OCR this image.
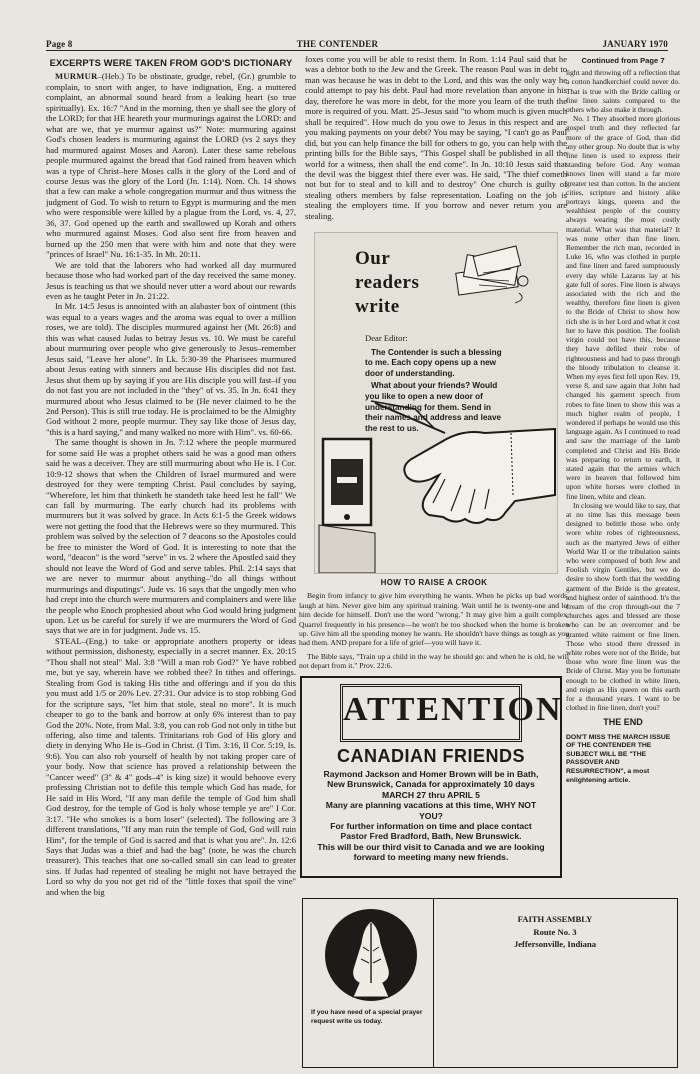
Page 8	THE CONTENDER	JANUARY 1970
EXCERPTS WERE TAKEN FROM GOD'S DICTIONARY

MURMUR–(Heb.) To be obstinate, grudge, rebel, (Gr.) grumble to complain, to snort with anger, to have indignation, Eng. a muttered complaint, an abnormal sound heard from a leaking heart (so true spiritually). Ex. 16:7 "And in the morning, then ye shall see the glory of the LORD; for that HE heareth your murmurings against the LORD: and what are we, that ye murmur against us?" Note: murmuring against God's chosen leaders is murmuring against the LORD (vs 2 says they had murmured against Moses and Aaron). Later these same rebelous people murmured against the bread that God rained from heaven which was a type of Christ–here Moses calls it the glory of the Lord and of course Jesus was the glory of the Lord (Jn. 1:14). Nom. Ch. 14 shows that a few can make a whole congregation murmur and thus witness the judgment of God. To wish to return to Egypt is murmuring and the men who were responsible were killed by a plague from the Lord, vs. 4, 27, 36, 37. God opened up the earth and swallowed up Korah and others who murmured against Moses. God also sent fire from heaven and burned up the 250 men that were with him and note that they were "princes of Israel" Nu. 16:1-35. In Mt. 20:11.

We are told that the laborers who had worked all day murmured because those who had worked part of the day received the same money. Jesus is teaching us that we should never utter a word about our rewards even as he taught Peter in Jn. 21:22.

In Mr. 14:5 Jesus is annointed with an alabaster box of ointment (this was equal to a years wages and the aroma was equal to over a million roses, we are told). The disciples murmured against her (Mt. 26:8) and this was what caused Judas to betray Jesus vs. 10. We must be careful about murmuring over people who give generously to Jesus–remember Jesus said, "Leave her alone". In Lk. 5:30-39 the Pharisees murmured about Jesus eating with sinners and because His disciples did not fast. Jesus shut them up by saying if you are His disciple you will fast–if you do not fast you are not included in the "they" of vs. 35. In Jn. 6:41 they murmured about who Jesus claimed to be (He never claimed to be the 2nd Person). This is still true today. He is proclaimed to be the Almighty God without 2 more, people murmur. They say like those of Jesus day, "this is a hard saying," and many walked no more with Him". vs. 60-66.

The same thought is shown in Jn. 7:12 where the people murmured for some said He was a prophet others said he was a good man others said he was a deceiver. They are still murmuring about who He is. I Cor. 10:9-12 shows that when the Children of Israel murmured and were destroyed for they were tempting Christ. Paul concludes by saying, "Wherefore, let him that thinketh he standeth take heed lest he fall" We can fall by murmuring. The early church had its problems with murmurers but it was solved by grace. In Acts 6:1-5 the Greek widows were not getting the food that the Hebrews were so they murmured. This problem was solved by the selection of 7 deacons so the Apostoles could be free to minister the Word of God. It is interesting to note that the word, "deacon" is the word "serve" in vs. 2 where the Apostled said they should not leave the Word of God and serve tables. Phil. 2:14 says that we are never to murmur about anything–"do all things without murmurings and disputings". Jude vs. 16 says that the ungodly men who had crept into the church were murmurers and complainers and were like the people who Enoch prophesied about who God would bring judgment upon. Let us be careful for surely if we are murmurers the Word of God says that we are in for judgment. Jude vs. 15.

STEAL–(Eng.) to take or appropriate anothers property or ideas without permission, dishonesty, especially in a secret manner. Ex. 20:15 "Thou shall not steal" Mal. 3:8 "Will a man rob God?" Ye have robbed me, but ye say, wherein have we robbed thee? In tithes and offerings. Stealing from God is taking His tithe and offerings and if you do this you must add 1/5 or 20% Lev. 27:31. Our advice is to stop robbing God for the scripture says, "let him that stole, steal no more". It is much cheaper to go to the bank and borrow at only 6% interest than to pay God the 20%. Note, from Mal. 3:8, you can rob God not only in tithe but offering, also time and talents. Trinitarians rob God of His glory and diety in denying Who He is–God in Christ. (I Tim. 3:16, II Cor. 5:19, Is. 9:6). You can also rob yourself of health by not taking proper care of your body. Now that science has proved a relationship between the "Cancer weed" (3" & 4" gods–4" is king size) it would behoove every professing Christian not to defile this temple which God has made, for He said in His Word, "If any man defile the temple of God him shall God destroy, for the temple of God is holy whose temple ye are" I Cor. 3:17. "He who smokes is a born loser" (selected). The following are 3 different translations, "If any man ruin the temple of God, God will ruin Him", for the temple of God is sacred and that is what you are". Jn. 12:6 Says that Judas was a thief and had the bag" (note, he was the church treasurer). This teaches that one so-called small sin can lead to greater sins. If Judas had repented of stealing he might not have betrayed the Lord so why do you not get rid of the "little foxes that spoil the vine" and when the big

foxes come you will be able to resist them. In Rom. 1:14 Paul said that he was a debtor both to the Jew and the Greek. The reason Paul was in debt to man was because he was in debt to the Lord, and this was the only way he could attempt to pay his debt. Paul had more revelation than anyone in his day, therefore he was more in debt, for the more you learn of the truth the more is required of you. Matt. 25–Jesus said "to whom much is given much shall be required". How much do you owe to Jesus in this respect and are you making payments on your debt? You may be saying, "I can't go as Paul did, but you can help finance the bill for others to go, you can help with the printing bills for the Bible says, "This Gospel shall be published in all the world for a witness, then shall the end come". In Jn. 10:10 Jesus said that the devil was the biggest thief there ever was. He said, "The thief cometh not but for to steal and to kill and to destroy" One church is guilty of stealing others members by false representation. Loafing on the job is stealing the employers time. If you borrow and never return you are stealing.

Our
readers
write
Dear Editor:

The Contender is such a blessing to me. Each copy opens up a new door of understanding.

What about your friends? Would you like to open a new door of understanding for them. Send in their names and address and leave the rest to us.

HOW TO RAISE A CROOK

Begin from infancy to give him everything he wants. When he picks up bad words, laugh at him. Never give him any spiritual training. Wait until he is twenty-one and let him decide for himself. Don't use the word "wrong." It may give him a guilt complex. Quarrel frequently in his presence—he won't be too shocked when the home is broken up. Give him all the spending money he wants. He shouldn't have things as tough as you had them. AND prepare for a life of grief—you will have it.

The Bible says, "Train up a child in the way he should go: and when he is old, he will not depart from it." Prov. 22:6.

ATTENTION
CANADIAN FRIENDS
Raymond Jackson and Homer Brown will be in Bath, New Brunswick, Canada for approximately 10 days
MARCH 27 thru APRIL 5
Many are planning vacations at this time, WHY NOT YOU?
For further information on time and place contact Pastor Fred Bradford, Bath, New Brunswick.
This will be our third visit to Canada and we are looking forward to meeting many new friends.
Continued from Page 7

light and throwing off a reflection that a cotton handkerchief could never do. That is true with the Bride calling or fine linen saints compared to the others who also make it through.

No. 1 They absorbed more glorious gospel truth and they reflected far more of the grace of God, than did any other group. No doubt that is why fine linen is used to express their standing before God. Any woman knows linen will stand a far more greater test than cotton. In the ancient cities, scripture and history alike portrays kings, queens and the wealthiest people of the country always wearing the most costly material. What was that material? It was none other than fine linen. Remember the rich man, recorded in Luke 16, who was clothed in purple and fine linen and fared sumptuously every day while Lazarus lay at his gate full of sores. Fine linen is always associated with the rich and the wealthy, therefore fine linen is given to the Bride of Christ to show how rich she is in her Lord and what it cost her to have this position. The foolish virgin could not have this, because they have defiled their robe of righteousness and had to pass through the bloody tribulation to cleanse it. When my eyes first fell upon Rev. 19, verse 8, and saw again that John had changed his garment speech from robes to fine linen to show this was a much higher realm of people, I wondered if perhaps he would use this language again. As I continued to read and saw the marriage of the lamb completed and Christ and His Bride was preparing to return to earth, it stated again that the armies which were in heaven that followed him upon white horses were clothed in fine linen, white and clean.

In closing we would like to say, that at no time has this message been designed to belittle those who only wore white robes of righteousness, such as the martyred Jews of either World War II or the tribulation saints who were composed of both Jew and Foolish virgin Gentiles, but we do desire to show forth that the wedding garment of the Bride is the greatest, and highest order of sainthood. It's the cream of the crop through-out the 7 churches ages and blessed are those who can be an overcomer and be granted white raiment or fine linen. Those who stood there dressed in white robes were not of the Bride, but those who wore fine linen was the Bride of Christ. May you be fortunate enough to be clothed in white linen, and reign as His queen on this earth for a thousand years. I want to be clothed in fine linen, don't you?

THE END
DON'T MISS THE MARCH ISSUE OF THE CONTENDER THE SUBJECT WILL BE "THE PASSOVER AND RESURRECTION", a most enlightening article.
If you have need of a special prayer request write us today.
FAITH ASSEMBLY
Route No. 3
Jeffersonville, Indiana
